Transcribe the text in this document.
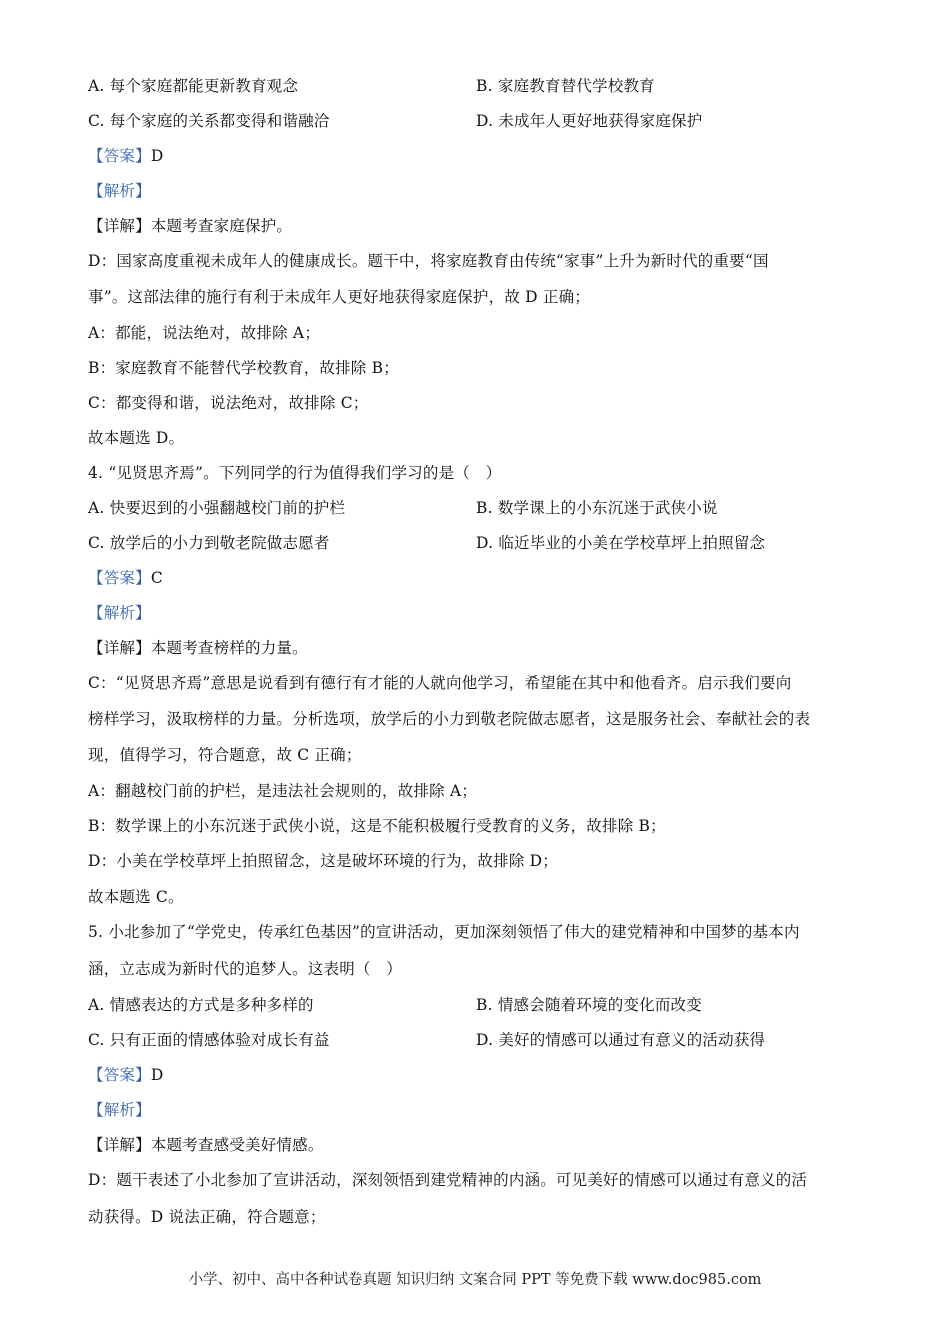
A. 每个家庭都能更新教育观念	B. 家庭教育替代学校教育
C. 每个家庭的关系都变得和谐融洽	D. 未成年人更好地获得家庭保护
【答案】D
【解析】
【详解】本题考查家庭保护。
D：国家高度重视未成年人的健康成长。题干中，将家庭教育由传统“家事”上升为新时代的重要“国
事”。这部法律的施行有利于未成年人更好地获得家庭保护，故 D 正确；
A：都能，说法绝对，故排除 A；
B：家庭教育不能替代学校教育，故排除 B；
C：都变得和谐，说法绝对，故排除 C；
故本题选 D。
4. “见贤思齐焉”。下列同学的行为值得我们学习的是（　）
A. 快要迟到的小强翻越校门前的护栏	B. 数学课上的小东沉迷于武侠小说
C. 放学后的小力到敬老院做志愿者	D. 临近毕业的小美在学校草坪上拍照留念
【答案】C
【解析】
【详解】本题考查榜样的力量。
C：“见贤思齐焉”意思是说看到有德行有才能的人就向他学习，希望能在其中和他看齐。启示我们要向
榜样学习，汲取榜样的力量。分析选项，放学后的小力到敬老院做志愿者，这是服务社会、奉献社会的表
现，值得学习，符合题意，故 C 正确；
A：翻越校门前的护栏，是违法社会规则的，故排除 A；
B：数学课上的小东沉迷于武侠小说，这是不能积极履行受教育的义务，故排除 B；
D：小美在学校草坪上拍照留念，这是破坏环境的行为，故排除 D；
故本题选 C。
5. 小北参加了“学党史，传承红色基因”的宣讲活动，更加深刻领悟了伟大的建党精神和中国梦的基本内
涵，立志成为新时代的追梦人。这表明（　）
A. 情感表达的方式是多种多样的	B. 情感会随着环境的变化而改变
C. 只有正面的情感体验对成长有益	D. 美好的情感可以通过有意义的活动获得
【答案】D
【解析】
【详解】本题考查感受美好情感。
D：题干表述了小北参加了宣讲活动，深刻领悟到建党精神的内涵。可见美好的情感可以通过有意义的活
动获得。D 说法正确，符合题意；
小学、初中、高中各种试卷真题 知识归纳 文案合同 PPT 等免费下载 www.doc985.com
